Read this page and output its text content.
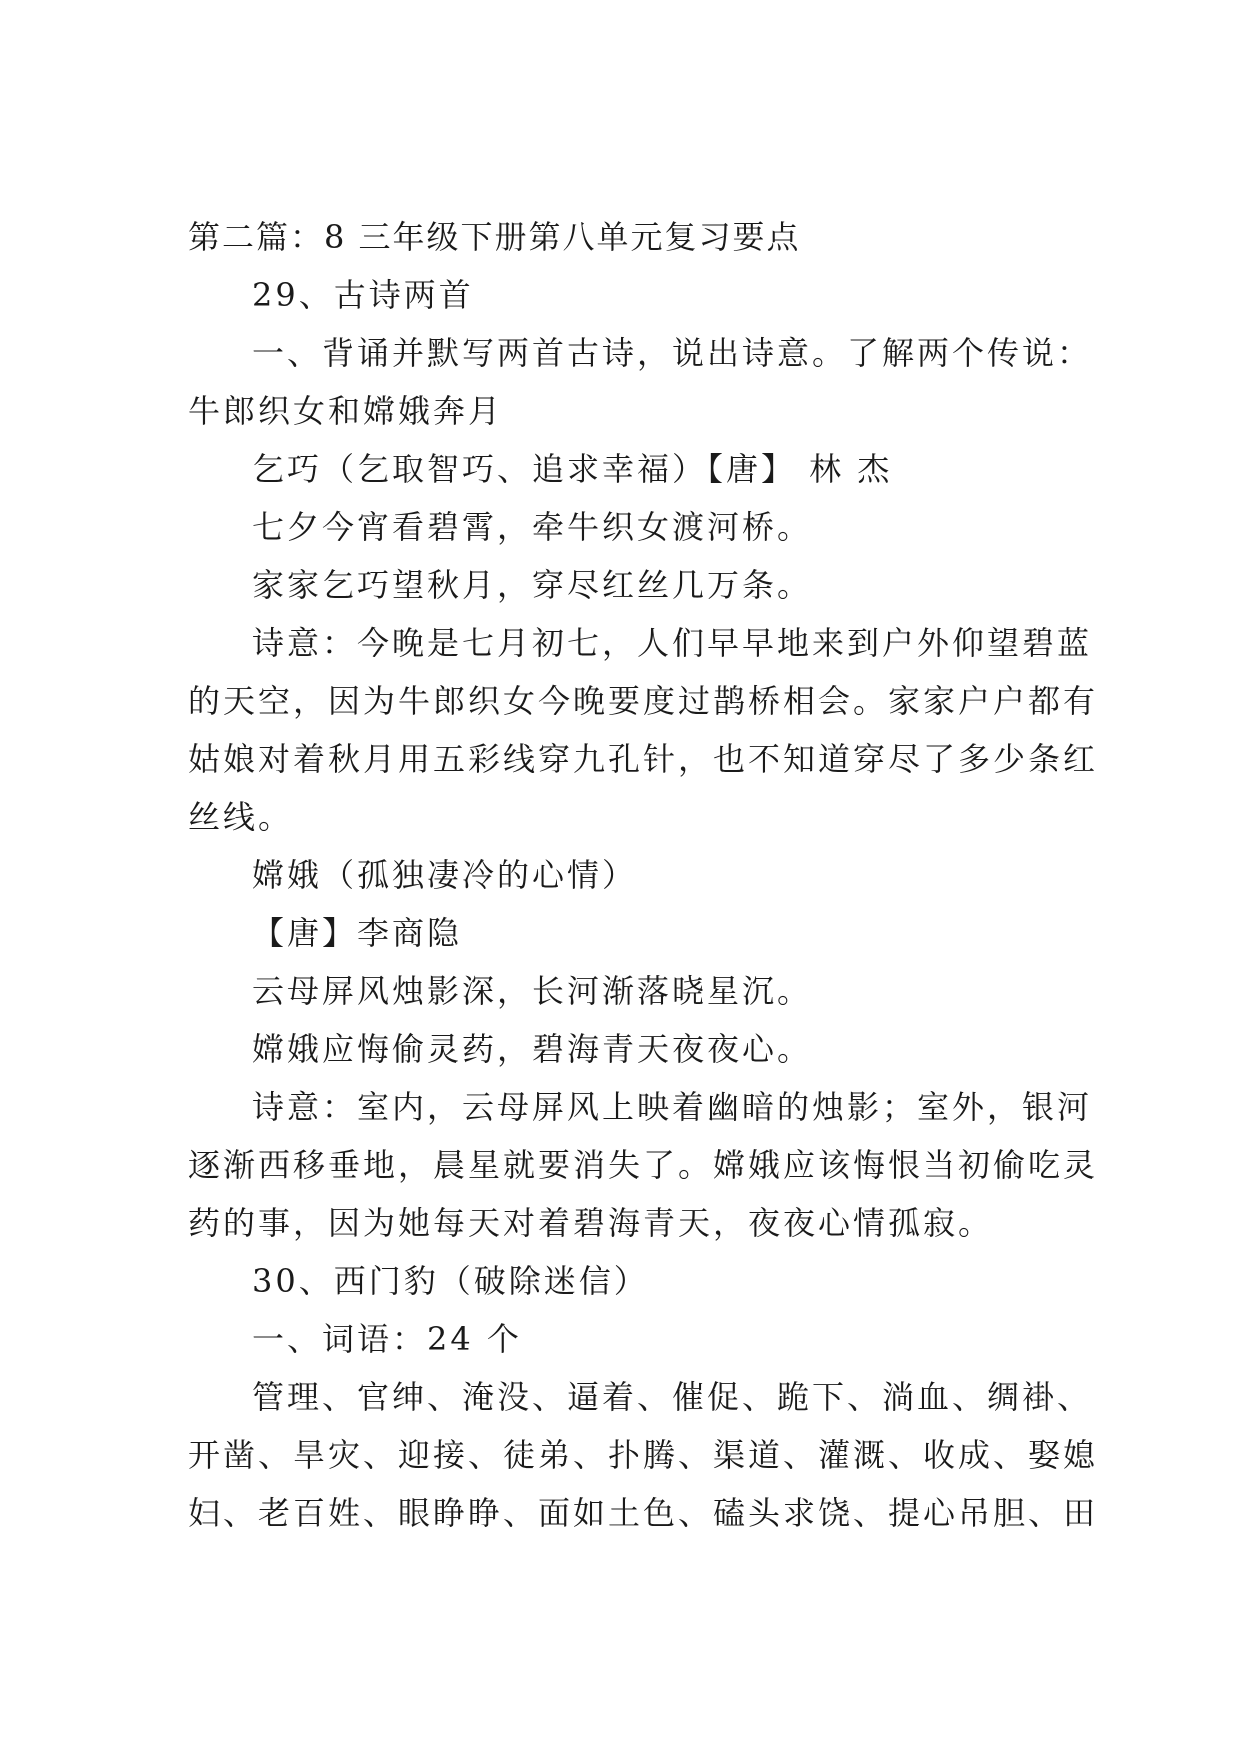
第二篇：8 三年级下册第八单元复习要点
29、古诗两首
一、背诵并默写两首古诗，说出诗意。了解两个传说：
牛郎织女和嫦娥奔月
乞巧（乞取智巧、追求幸福）【唐】 林 杰
七夕今宵看碧霄，牵牛织女渡河桥。
家家乞巧望秋月，穿尽红丝几万条。
诗意：今晚是七月初七，人们早早地来到户外仰望碧蓝
的天空，因为牛郎织女今晚要度过鹊桥相会。家家户户都有
姑娘对着秋月用五彩线穿九孔针，也不知道穿尽了多少条红
丝线。
嫦娥（孤独凄冷的心情）
【唐】李商隐
云母屏风烛影深，长河渐落晓星沉。
嫦娥应悔偷灵药，碧海青天夜夜心。
诗意：室内，云母屏风上映着幽暗的烛影；室外，银河
逐渐西移垂地，晨星就要消失了。嫦娥应该悔恨当初偷吃灵
药的事，因为她每天对着碧海青天，夜夜心情孤寂。
30、西门豹（破除迷信）
一、词语：24 个
管理、官绅、淹没、逼着、催促、跪下、淌血、绸褂、
开凿、旱灾、迎接、徒弟、扑腾、渠道、灌溉、收成、娶媳
妇、老百姓、眼睁睁、面如土色、磕头求饶、提心吊胆、田
